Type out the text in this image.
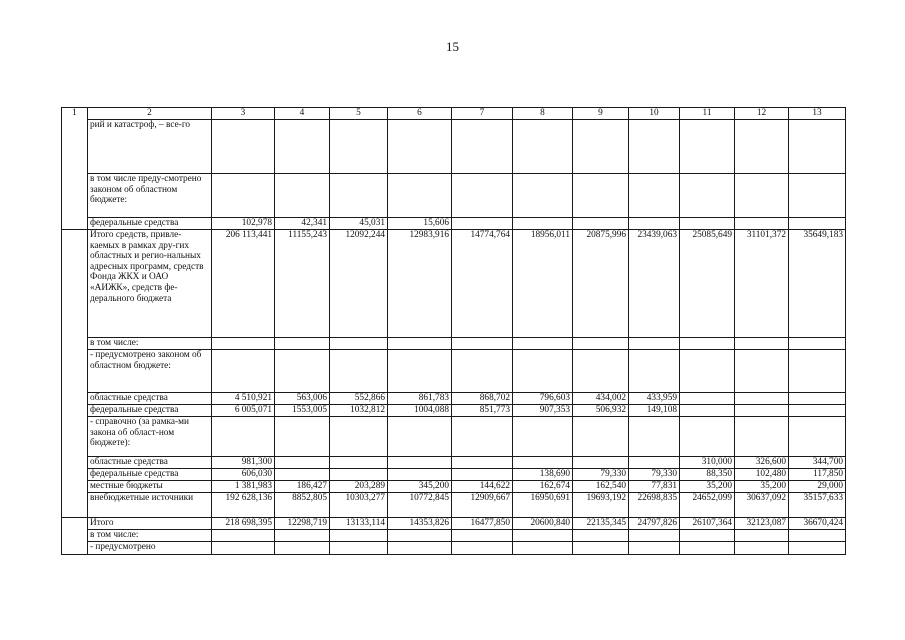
15
1	2	3	4	5	6	7	8	9	10	11	12	13
	рий и катастроф, – все-го											
	в том числе преду-смотрено законом об областном бюджете:											
	федеральные средства	102,978	42,341	45,031	15,606							
	Итого средств, привле-каемых в рамках дру-гих областных и регио-нальных адресных программ, средств Фонда ЖКХ и ОАО «АИЖК», средств фе-дерального бюджета	206 113,441	11155,243	12092,244	12983,916	14774,764	18956,011	20875,996	23439,063	25085,649	31101,372	35649,183
	в том числе:											
	- предусмотрено законом об областном бюджете:											
	областные средства	4 510,921	563,006	552,866	861,783	868,702	796,603	434,002	433,959			
	федеральные средства	6 005,071	1553,005	1032,812	1004,088	851,773	907,353	506,932	149,108			
	- справочно (за рамка-ми закона об област-ном бюджете):											
	областные средства	981,300								310,000	326,600	344,700
	федеральные средства	606,030					138,690	79,330	79,330	88,350	102,480	117,850
	местные бюджеты	1 381,983	186,427	203,289	345,200	144,622	162,674	162,540	77,831	35,200	35,200	29,000
	внебюджетные источники	192 628,136	8852,805	10303,277	10772,845	12909,667	16950,691	19693,192	22698,835	24652,099	30637,092	35157,633
	Итого	218 698,395	12298,719	13133,114	14353,826	16477,850	20600,840	22135,345	24797,826	26107,364	32123,087	36670,424
	в том числе:											
	- предусмотрено											
